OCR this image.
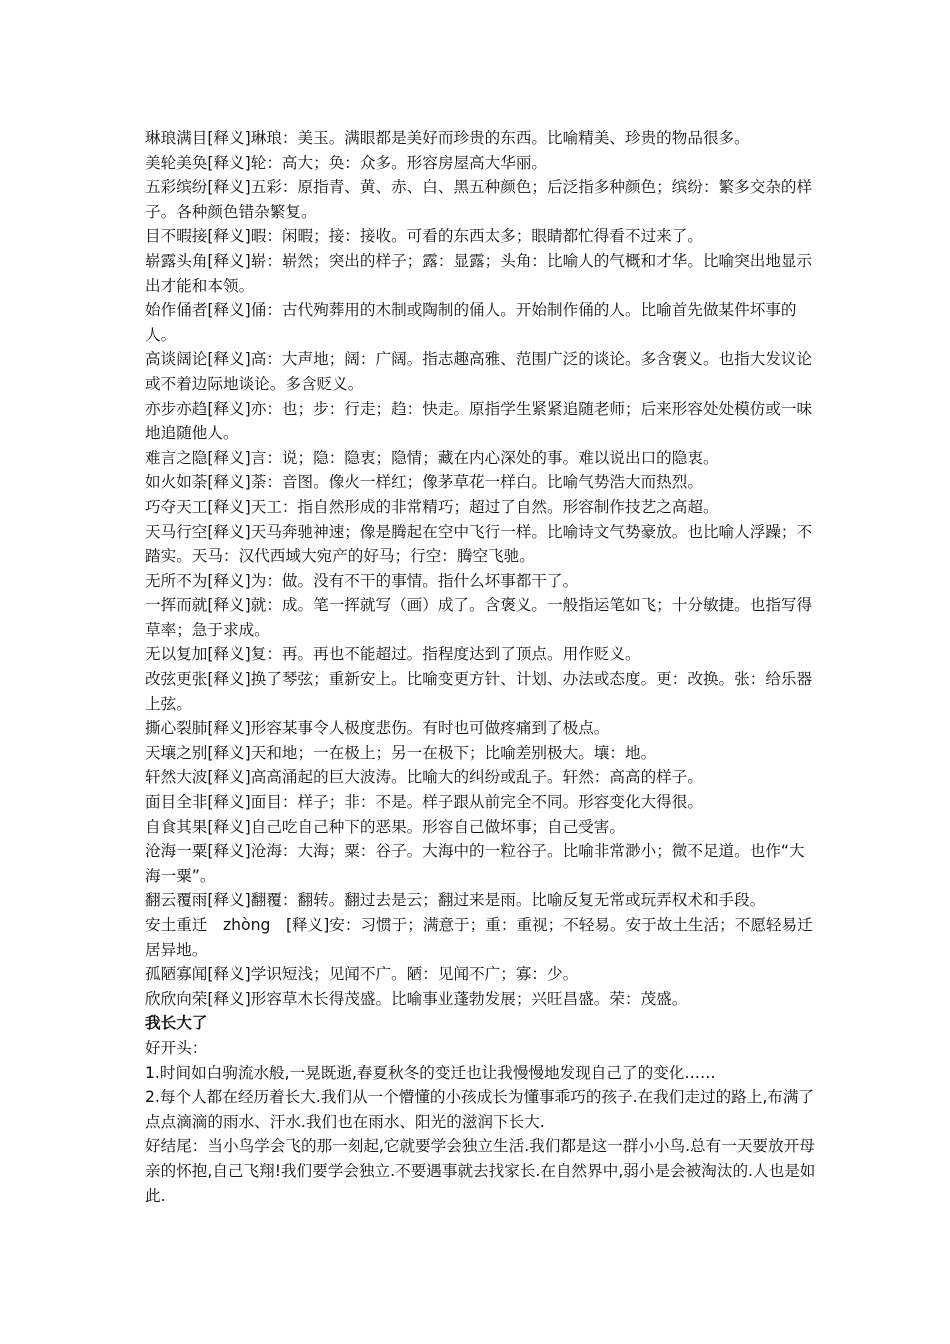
琳琅满目[释义]琳琅：美玉。满眼都是美好而珍贵的东西。比喻精美、珍贵的物品很多。

美轮美奂[释义]轮：高大；奂：众多。形容房屋高大华丽。

五彩缤纷[释义]五彩：原指青、黄、赤、白、黑五种颜色；后泛指多种颜色；缤纷：繁多交杂的样子。各种颜色错杂繁复。

目不暇接[释义]暇：闲暇；接：接收。可看的东西太多；眼睛都忙得看不过来了。

崭露头角[释义]崭：崭然；突出的样子；露：显露；头角：比喻人的气概和才华。比喻突出地显示出才能和本领。

始作俑者[释义]俑：古代殉葬用的木制或陶制的俑人。开始制作俑的人。比喻首先做某件坏事的人。

高谈阔论[释义]高：大声地；阔：广阔。指志趣高雅、范围广泛的谈论。多含褒义。也指大发议论或不着边际地谈论。多含贬义。

亦步亦趋[释义]亦：也；步：行走；趋：快走。原指学生紧紧追随老师；后来形容处处模仿或一味地追随他人。

难言之隐[释义]言：说；隐：隐衷；隐情；藏在内心深处的事。难以说出口的隐衷。

如火如荼[释义]荼：音图。像火一样红；像茅草花一样白。比喻气势浩大而热烈。

巧夺天工[释义]天工：指自然形成的非常精巧；超过了自然。形容制作技艺之高超。

天马行空[释义]天马奔驰神速；像是腾起在空中飞行一样。比喻诗文气势豪放。也比喻人浮躁；不踏实。天马：汉代西域大宛产的好马；行空：腾空飞驰。

无所不为[释义]为：做。没有不干的事情。指什么坏事都干了。

一挥而就[释义]就：成。笔一挥就写（画）成了。含褒义。一般指运笔如飞；十分敏捷。也指写得草率；急于求成。

无以复加[释义]复：再。再也不能超过。指程度达到了顶点。用作贬义。

改弦更张[释义]换了琴弦；重新安上。比喻变更方针、计划、办法或态度。更：改换。张：给乐器上弦。

撕心裂肺[释义]形容某事令人极度悲伤。有时也可做疼痛到了极点。

天壤之别[释义]天和地；一在极上；另一在极下；比喻差别极大。壤：地。

轩然大波[释义]高高涌起的巨大波涛。比喻大的纠纷或乱子。轩然：高高的样子。

面目全非[释义]面目：样子；非：不是。样子跟从前完全不同。形容变化大得很。

自食其果[释义]自己吃自己种下的恶果。形容自己做坏事；自己受害。

沧海一粟[释义]沧海：大海；粟：谷子。大海中的一粒谷子。比喻非常渺小；微不足道。也作“大海一粟”。

翻云覆雨[释义]翻覆：翻转。翻过去是云；翻过来是雨。比喻反复无常或玩弄权术和手段。

安土重迁　zhòng　[释义]安：习惯于；满意于；重：重视；不轻易。安于故土生活；不愿轻易迁居异地。

孤陋寡闻[释义]学识短浅；见闻不广。陋：见闻不广；寡：少。

欣欣向荣[释义]形容草木长得茂盛。比喻事业蓬勃发展；兴旺昌盛。荣：茂盛。

我长大了

好开头：

1.时间如白驹流水般,一晃既逝,春夏秋冬的变迁也让我慢慢地发现自己了的变化……

2.每个人都在经历着长大.我们从一个懵懂的小孩成长为懂事乖巧的孩子.在我们走过的路上,布满了点点滴滴的雨水、汗水.我们也在雨水、阳光的滋润下长大.

好结尾：当小鸟学会飞的那一刻起,它就要学会独立生活.我们都是这一群小小鸟.总有一天要放开母亲的怀抱,自己飞翔!我们要学会独立.不要遇事就去找家长.在自然界中,弱小是会被淘汰的.人也是如此.
